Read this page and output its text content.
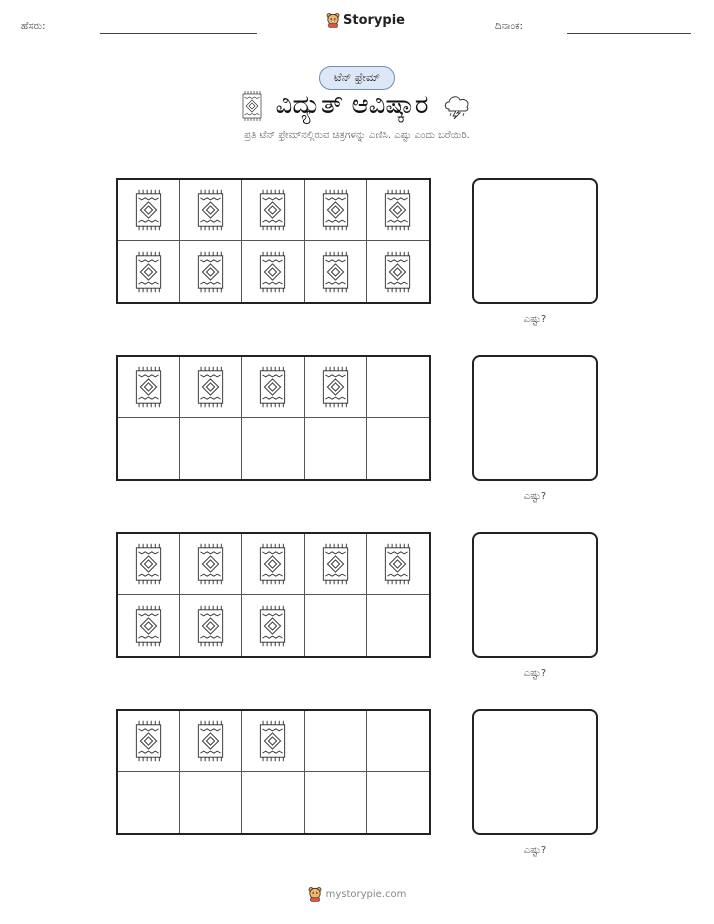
ಹೆಸರು:	Storypie	ದಿನಾಂಕ:
ಟೆನ್ ಫ್ರೇಮ್
ವಿದ್ಯುತ್ ಆವಿಷ್ಕಾರ
ಪ್ರತಿ ಟೆನ್ ಫ್ರೇಮ್‌ನಲ್ಲಿರುವ ಚಿತ್ರಗಳನ್ನು ಎಣಿಸಿ. ಎಷ್ಟು ಎಂದು ಬರೆಯಿರಿ.
ಎಷ್ಟು?
ಎಷ್ಟು?
ಎಷ್ಟು?
ಎಷ್ಟು?
mystorypie.com
